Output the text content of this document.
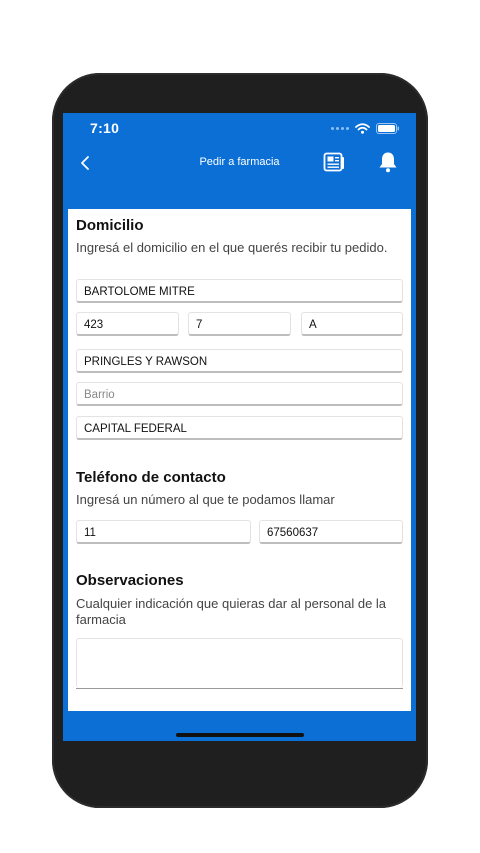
7:10
Pedir a farmacia
Domicilio
Ingresá el domicilio en el que querés recibir tu pedido.
BARTOLOME MITRE
423	7	A
PRINGLES Y RAWSON
Barrio
CAPITAL FEDERAL
Teléfono de contacto
Ingresá un número al que te podamos llamar
11	67560637
Observaciones
Cualquier indicación que quieras dar al personal de la farmacia
